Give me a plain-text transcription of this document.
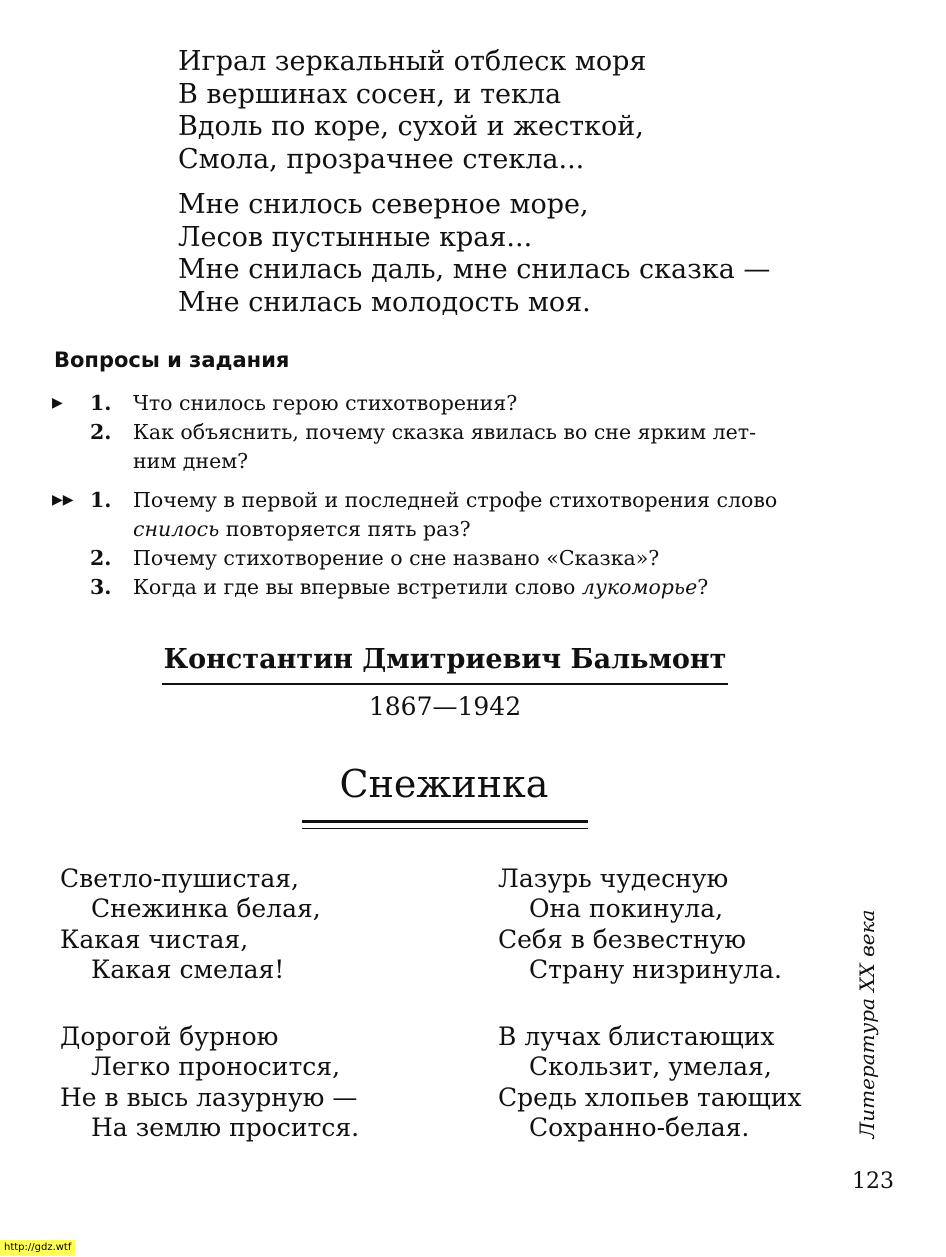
Играл зеркальный отблеск моря
В вершинах сосен, и текла
Вдоль по коре, сухой и жесткой,
Смола, прозрачнее стекла...
Мне снилось северное море,
Лесов пустынные края...
Мне снилась даль, мне снилась сказка —
Мне снилась молодость моя.
Вопросы и задания
▶ 1. Что снилось герою стихотворения?
2. Как объяснить, почему сказка явилась во сне ярким лет-
ним днем?
▶▶ 1. Почему в первой и последней строфе стихотворения слово
снилось повторяется пять раз?
2. Почему стихотворение о сне названо «Сказка»?
3. Когда и где вы впервые встретили слово лукоморье?
Константин Дмитриевич Бальмонт
1867—1942
Снежинка
Светло-пушистая,
Снежинка белая,
Какая чистая,
Какая смелая!
Дорогой бурною
Легко проносится,
Не в высь лазурную —
На землю просится.
Лазурь чудесную
Она покинула,
Себя в безвестную
Страну низринула.
В лучах блистающих
Скользит, умелая,
Средь хлопьев тающих
Сохранно-белая.	Литература XX века
123
http://gdz.wtf
